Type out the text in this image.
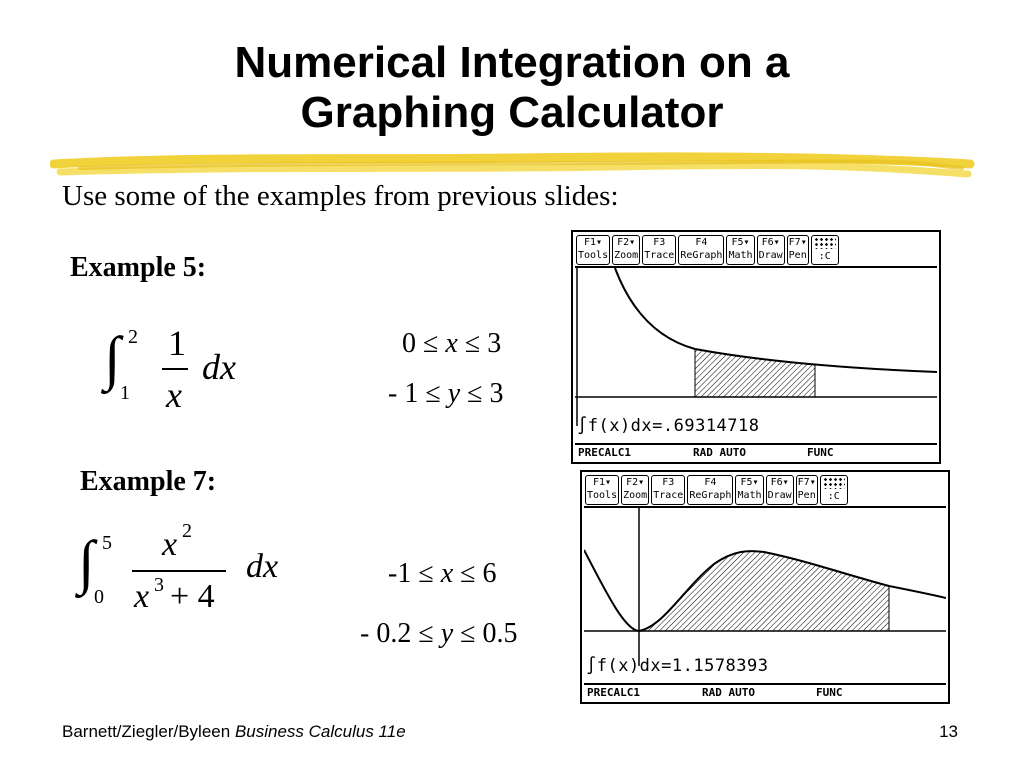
Numerical Integration on a
Graphing Calculator
Use some of the examples from previous slides:
Example 5:
∫ 2
1
1
x
dx
0 ≤ x ≤ 3
- 1 ≤ y ≤ 3
F1▾
Tools
F2▾
Zoom
F3
Trace
F4
ReGraph
F5▾
Math
F6▾
Draw
F7▾
Pen	:C
∫f(x)dx=.69314718
PRECALC1	RAD AUTO	FUNC
Example 7:
∫ 5
0
x 2
x 3 + 4
dx	-1 ≤ x ≤ 6
- 0.2 ≤ y ≤ 0.5
F1▾
Tools
F2▾
Zoom
F3
Trace
F4
ReGraph
F5▾
Math
F6▾
Draw
F7▾
Pen	:C
∫f(x)dx=1.1578393
PRECALC1	RAD AUTO	FUNC
Barnett/Ziegler/Byleen Business Calculus 11e	13
